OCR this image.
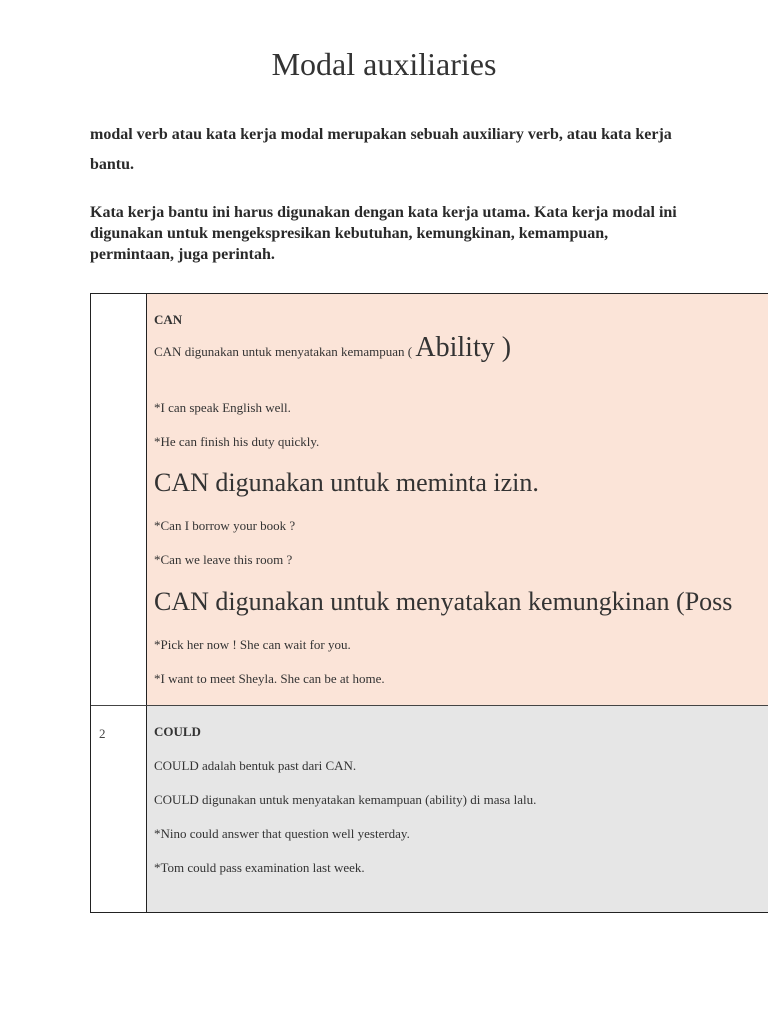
Modal auxiliaries
modal verb atau kata kerja modal merupakan sebuah auxiliary verb, atau kata kerja bantu.
Kata kerja bantu ini harus digunakan dengan kata kerja utama. Kata kerja modal ini digunakan untuk mengekspresikan kebutuhan, kemungkinan, kemampuan, permintaan, juga perintah.
CAN
CAN digunakan untuk menyatakan kemampuan ( Ability )
*I can speak English well.
*He can finish his duty quickly.
CAN digunakan untuk meminta izin.
*Can I borrow your book ?
*Can we leave this room ?
CAN digunakan untuk menyatakan kemungkinan (Poss
*Pick her now ! She can wait for you.
*I want to meet Sheyla. She can be at home.
2	COULD
COULD adalah bentuk past dari CAN.
COULD digunakan untuk menyatakan kemampuan (ability) di masa lalu.
*Nino could answer that question well yesterday.
*Tom could pass examination last week.
